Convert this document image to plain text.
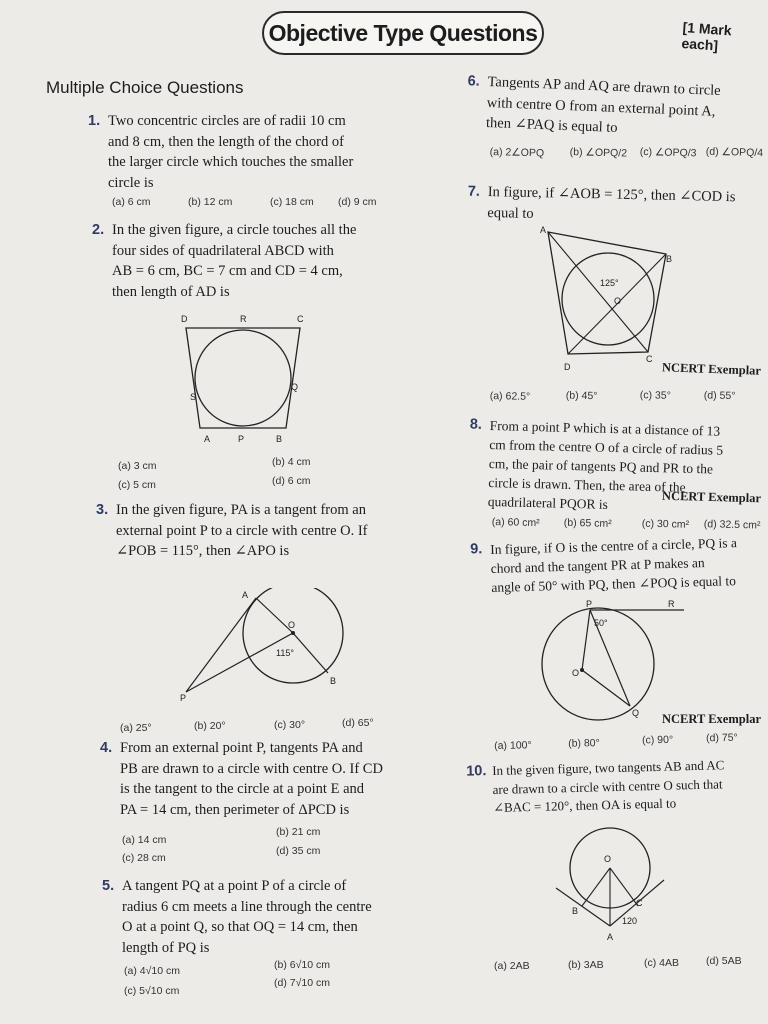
Objective Type Questions	[1 Mark each]
Multiple Choice Questions
1. Two concentric circles are of radii 10 cm
and 8 cm, then the length of the chord of
the larger circle which touches the smaller
circle is
(a) 6 cm	(b) 12 cm	(c) 18 cm (d) 9 cm
2. In the given figure, a circle touches all the
four sides of quadrilateral ABCD with
AB = 6 cm, BC = 7 cm and CD = 4 cm,
then length of AD is
D	R	C
S
Q
A	P	B
(a) 3 cm	(b) 4 cm
(c) 5 cm	(d) 6 cm
3. In the given figure, PA is a tangent from an
external point P to a circle with centre O. If
∠POB = 115°, then ∠APO is
A
O
115°
B
P
(a) 25°	(b) 20°	(c) 30°	(d) 65°
4. From an external point P, tangents PA and
PB are drawn to a circle with centre O. If CD
is the tangent to the circle at a point E and
PA = 14 cm, then perimeter of ΔPCD is
(a) 14 cm
(b) 21 cm
(c) 28 cm
(d) 35 cm
5. A tangent PQ at a point P of a circle of
radius 6 cm meets a line through the centre
O at a point Q, so that OQ = 14 cm, then
length of PQ is
(a) 4√10 cm	(b) 6√10 cm
(c) 5√10 cm
(d) 7√10 cm
6. Tangents AP and AQ are drawn to circle
with centre O from an external point A,
then ∠PAQ is equal to
(a) 2∠OPQ (b) ∠OPQ/2 (c) ∠OPQ/3 (d) ∠OPQ/4
7. In figure, if ∠AOB = 125°, then ∠COD is
equal to
A
B
125°
O
D
C
NCERT Exemplar
(a) 62.5°	(b) 45°	(c) 35°	(d) 55°
8. From a point P which is at a distance of 13
cm from the centre O of a circle of radius 5
cm, the pair of tangents PQ and PR to the
circle is drawn. Then, the area of the
quadrilateral PQOR is	NCERT Exemplar
(a) 60 cm² (b) 65 cm²	(c) 30 cm² (d) 32.5 cm²
9. In figure, if O is the centre of a circle, PQ is a
chord and the tangent PR at P makes an
angle of 50° with PQ, then ∠POQ is equal to
P	R
50°
O
Q NCERT Exemplar
(a) 100°	(b) 80°	(c) 90°	(d) 75°
10. In the given figure, two tangents AB and AC
are drawn to a circle with centre O such that
∠BAC = 120°, then OA is equal to
O
B
C
120
A
(a) 2AB	(b) 3AB	(c) 4AB	(d) 5AB
